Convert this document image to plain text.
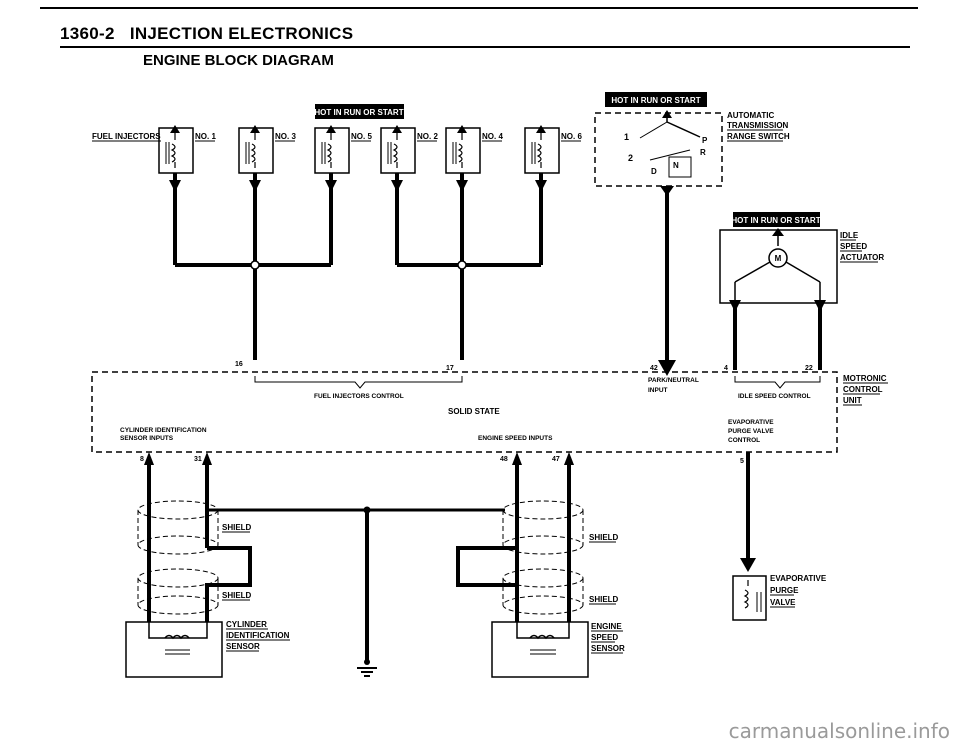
1360-2 INJECTION ELECTRONICS
ENGINE BLOCK DIAGRAM
HOT IN RUN OR START
HOT IN RUN OR START
HOT IN RUN OR START
FUEL INJECTORS	NO. 1	NO. 3	NO. 5	NO. 2	NO. 4	NO. 6	1
2
D
N
R
P
AUTOMATIC
TRANSMISSION
RANGE SWITCH
M
IDLE
SPEED
ACTUATOR
FUEL INJECTORS CONTROL
PARK/NEUTRAL
INPUT
IDLE SPEED CONTROL
SOLID STATE
CYLINDER IDENTIFICATION
SENSOR INPUTS	ENGINE SPEED INPUTS
EVAPORATIVE
PURGE VALVE
CONTROL
MOTRONIC
CONTROL
UNIT
16
17	42	4	22
8	31	48	47	5
SHIELD
SHIELD
CYLINDER
IDENTIFICATION
SENSOR
SHIELD
SHIELD
ENGINE
SPEED
SENSOR
EVAPORATIVE
PURGE
VALVE
carmanualsonline.info
